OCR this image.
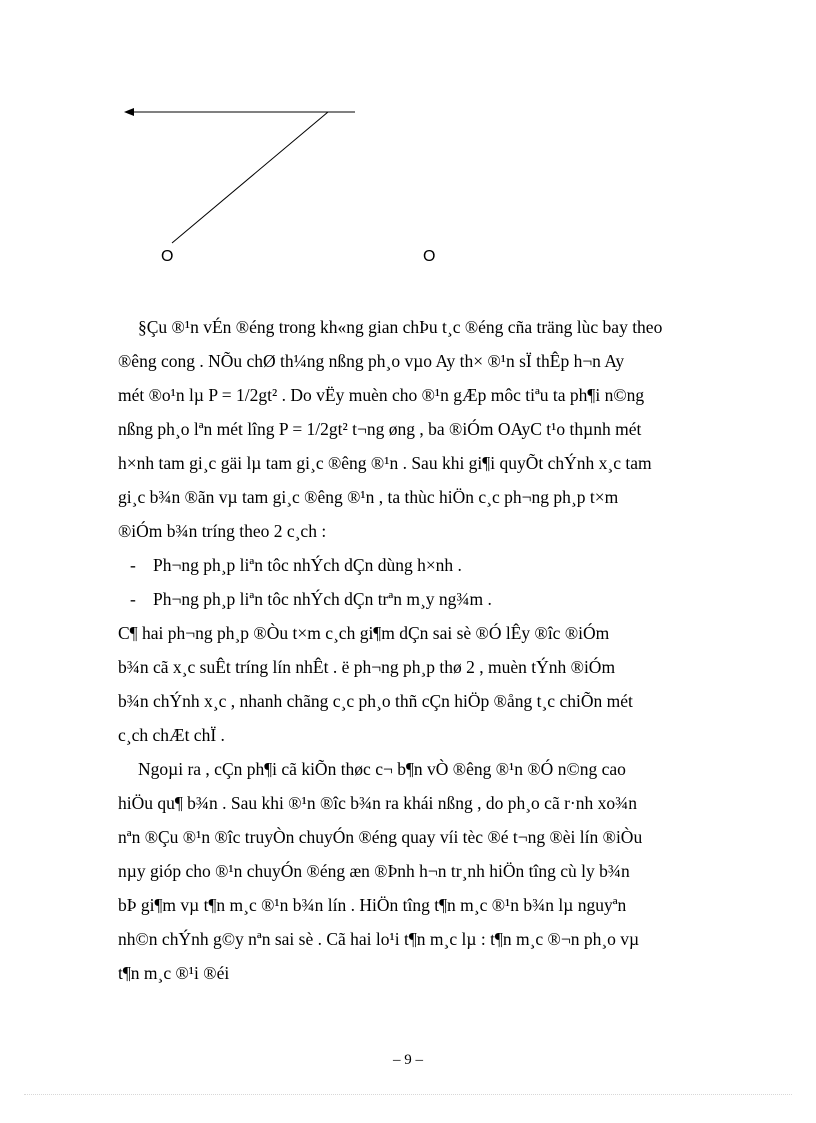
O	O
§Çu ®¹n vÉn ®éng trong kh«ng gian chÞu t¸c ®éng cña träng lùc bay theo
®êng cong . NÕu chØ th¼ng nßng ph¸o vµo Ay th× ®¹n sÏ thÊp h¬n Ay
mét ®o¹n lµ P = 1/2gt² . Do vËy muèn cho ®¹n gÆp môc tiªu ta ph¶i n©ng
nßng ph¸o lªn mét lîng P = 1/2gt² t¬ng øng , ba ®iÓm OAyC t¹o thµnh mét
h×nh tam gi¸c gäi lµ tam gi¸c ®êng ®¹n . Sau khi gi¶i quyÕt chÝnh x¸c tam
gi¸c b¾n ®ãn vµ tam gi¸c ®êng ®¹n , ta thùc hiÖn c¸c ph¬ng ph¸p t×m
®iÓm b¾n tríng theo 2 c¸ch :
- Ph¬ng ph¸p liªn tôc nhÝch dÇn dùng h×nh .
- Ph¬ng ph¸p liªn tôc nhÝch dÇn trªn m¸y ng¾m .
C¶ hai ph¬ng ph¸p ®Òu t×m c¸ch gi¶m dÇn sai sè ®Ó lÊy ®îc ®iÓm
b¾n cã x¸c suÊt tríng lín nhÊt . ë ph¬ng ph¸p thø 2 , muèn tÝnh ®iÓm
b¾n chÝnh x¸c , nhanh chãng c¸c ph¸o thñ cÇn hiÖp ®ång t¸c chiÕn mét
c¸ch chÆt chÏ .
Ngoµi ra , cÇn ph¶i cã kiÕn thøc c¬ b¶n vÒ ®êng ®¹n ®Ó n©ng cao
hiÖu qu¶ b¾n . Sau khi ®¹n ®îc b¾n ra khái nßng , do ph¸o cã r·nh xo¾n
nªn ®Çu ®¹n ®îc truyÒn chuyÓn ®éng quay víi tèc ®é t¬ng ®èi lín ®iÒu
nµy gióp cho ®¹n chuyÓn ®éng æn ®Þnh h¬n tr¸nh hiÖn tîng cù ly b¾n
bÞ gi¶m vµ t¶n m¸c ®¹n b¾n lín . HiÖn tîng t¶n m¸c ®¹n b¾n lµ nguyªn
nh©n chÝnh g©y nªn sai sè . Cã hai lo¹i t¶n m¸c lµ : t¶n m¸c ®¬n ph¸o vµ
t¶n m¸c ®¹i ®éi
– 9 –
